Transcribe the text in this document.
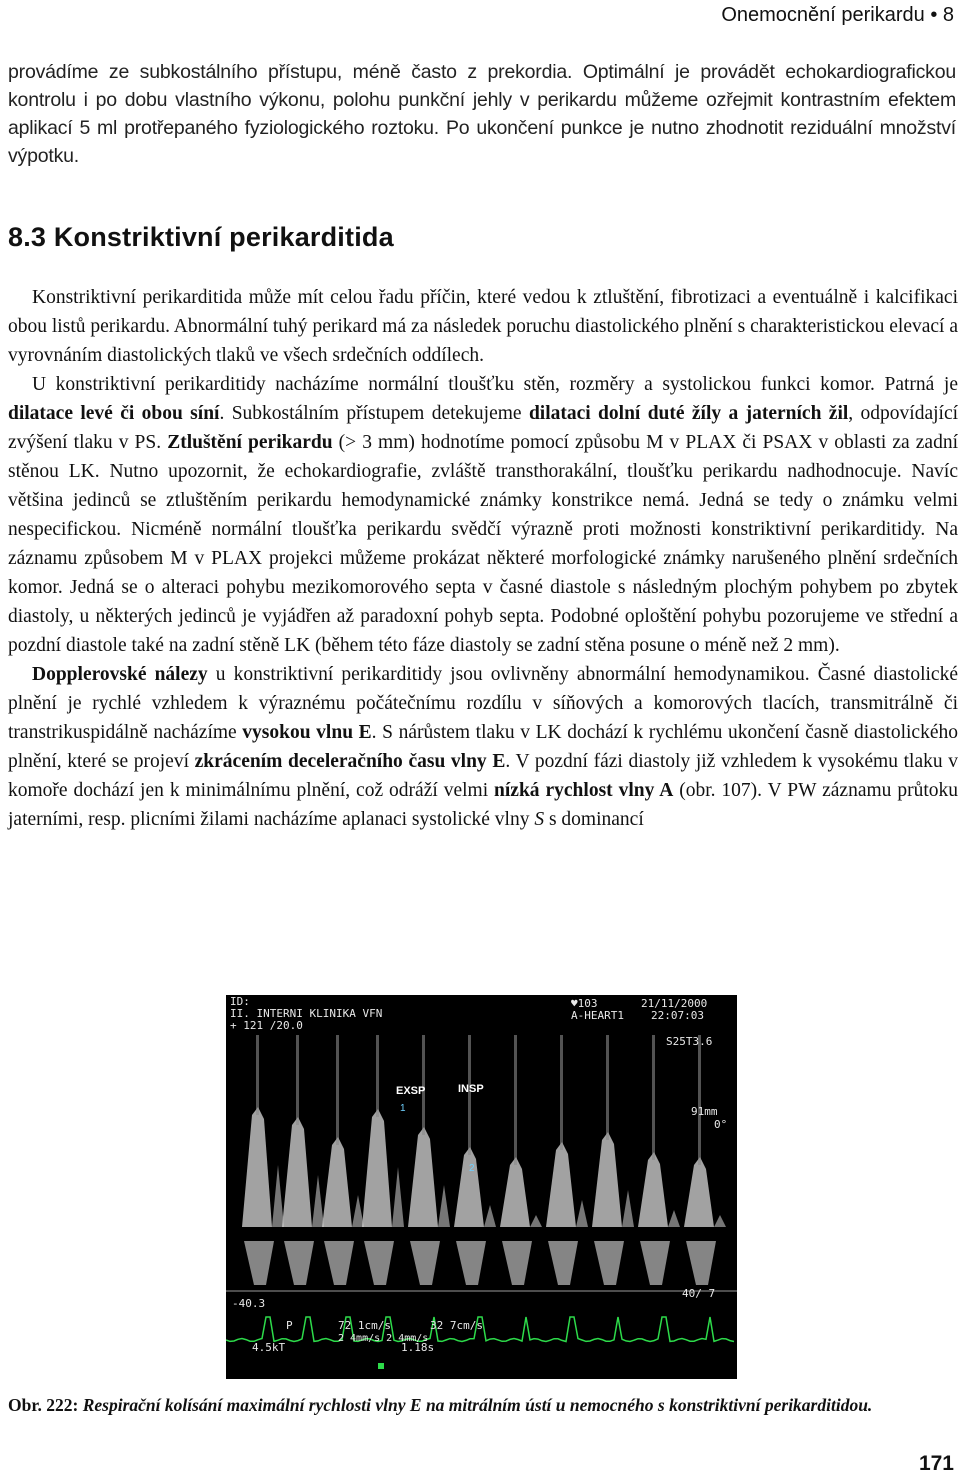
Onemocnění perikardu • 8

provádíme ze subkostálního přístupu, méně často z prekordia. Optimální je provádět echokardiografickou kontrolu i po dobu vlastního výkonu, polohu punkční jehly v perikardu můžeme ozřejmit kontrastním efektem aplikací 5 ml protřepaného fyziologického roztoku. Po ukončení punkce je nutno zhodnotit reziduální množství výpotku.

8.3 Konstriktivní perikarditida

Konstriktivní perikarditida může mít celou řadu příčin, které vedou k ztluštění, fibrotizaci a eventuálně i kalcifikaci obou listů perikardu. Abnormální tuhý perikard má za následek poruchu diastolického plnění s charakteristickou elevací a vyrovnáním diastolických tlaků ve všech srdečních oddílech.

U konstriktivní perikarditidy nacházíme normální tloušťku stěn, rozměry a systolickou funkci komor. Patrná je dilatace levé či obou síní. Subkostálním přístupem detekujeme dilataci dolní duté žíly a jaterních žil, odpovídající zvýšení tlaku v PS. Ztluštění perikardu (> 3 mm) hodnotíme pomocí způsobu M v PLAX či PSAX v oblasti za zadní stěnou LK. Nutno upozornit, že echokardiografie, zvláště transthorakální, tloušťku perikardu nadhodnocuje. Navíc většina jedinců se ztluštěním perikardu hemodynamické známky konstrikce nemá. Jedná se tedy o známku velmi nespecifickou. Nicméně normální tloušťka perikardu svědčí výrazně proti možnosti konstriktivní perikarditidy. Na záznamu způsobem M v PLAX projekci můžeme prokázat některé morfologické známky narušeného plnění srdečních komor. Jedná se o alteraci pohybu mezikomorového septa v časné diastole s následným plochým pohybem po zbytek diastoly, u některých jedinců je vyjádřen až paradoxní pohyb septa. Podobné oploštění pohybu pozorujeme ve střední a pozdní diastole také na zadní stěně LK (během této fáze diastoly se zadní stěna posune o méně než 2 mm).

Dopplerovské nálezy u konstriktivní perikarditidy jsou ovlivněny abnormální hemodynamikou. Časné diastolické plnění je rychlé vzhledem k výraznému počátečnímu rozdílu v síňových a komorových tlacích, transmitrálně či transtrikuspidálně nacházíme vysokou vlnu E. S nárůstem tlaku v LK dochází k rychlému ukončení časně diastolického plnění, které se projeví zkrácením deceleračního času vlny E. V pozdní fázi diastoly již vzhledem k vysokému tlaku v komoře dochází jen k minimálnímu plnění, což odráží velmi nízká rychlost vlny A (obr. 107). V PW záznamu průtoku jaterními, resp. plicními žilami nacházíme aplanaci systolické vlny S s dominancí

ID:
II. INTERNI KLINIKA VFN
+ 121 /20.0
♥103	21/11/2000
A-HEART1 22:07:03
S25T3.6
91mm
0°
-40.3
40/ 7
72 1cm/s	32 7cm/s
P
2 4mm/s 2 4mm/s
4.5kT	1.18s
EXSP	INSP
1
2

Obr. 222: Respirační kolísání maximální rychlosti vlny E na mitrálním ústí u nemocného s konstriktivní perikarditidou.

171
